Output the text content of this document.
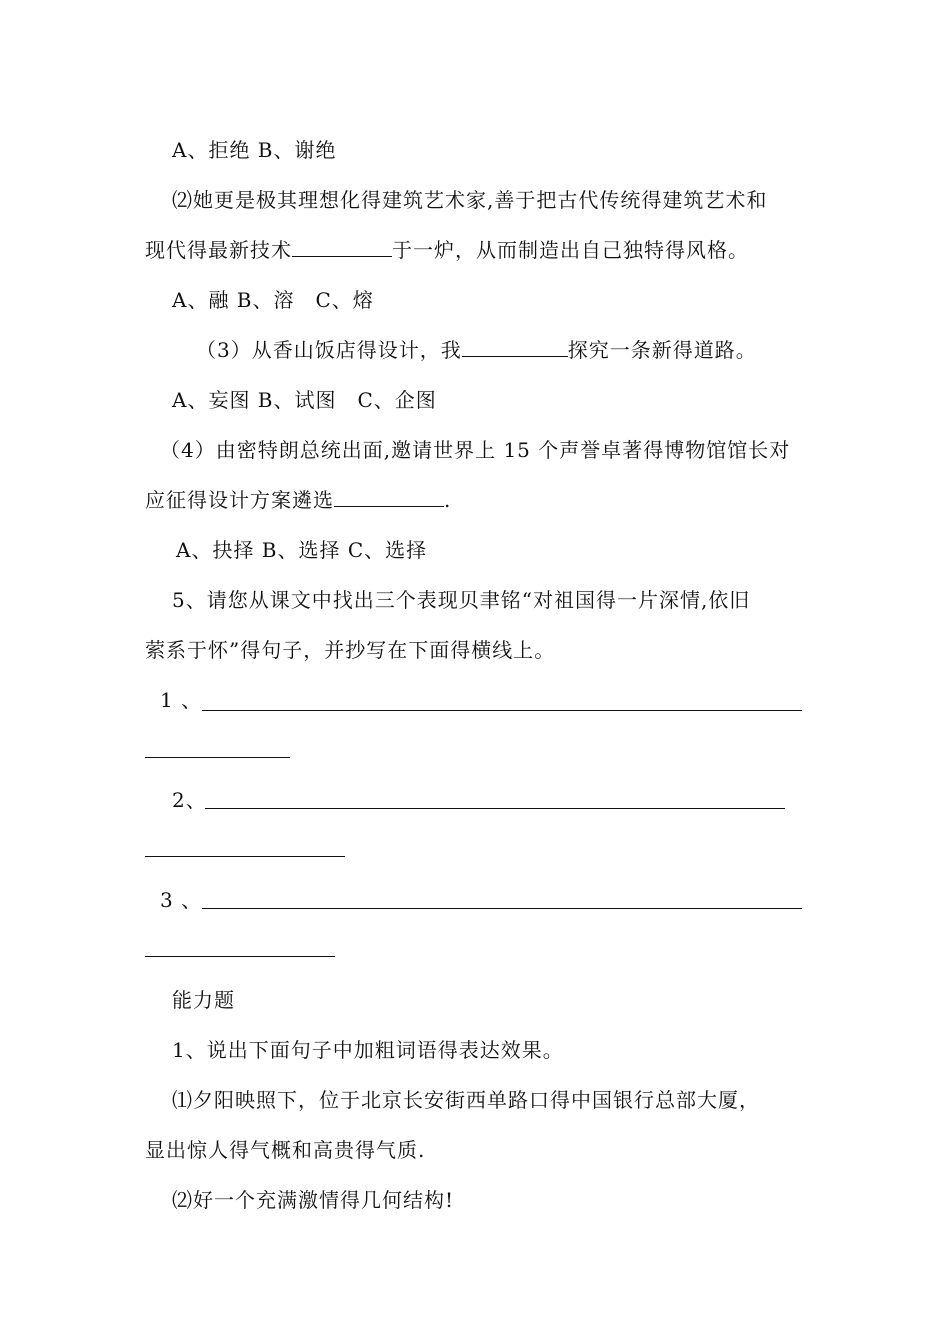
A、拒绝 B、谢绝
⑵她更是极其理想化得建筑艺术家,善于把古代传统得建筑艺术和
现代得最新技术	于一炉，从而制造出自己独特得风格。
A、融 B、溶　C、熔
（3）从香山饭店得设计，我	探究一条新得道路。
A、妄图 B、试图　C、企图
（4）由密特朗总统出面,邀请世界上 15 个声誉卓著得博物馆馆长对
应征得设计方案遴选	.
A、抉择 B、选择 C、选择
5、请您从课文中找出三个表现贝聿铭“对祖国得一片深情,依旧
萦系于怀”得句子，并抄写在下面得横线上。
1 、
2、
3 、
能力题
1、说出下面句子中加粗词语得表达效果。
⑴夕阳映照下，位于北京长安街西单路口得中国银行总部大厦，
显出惊人得气概和高贵得气质.
⑵好一个充满激情得几何结构!
